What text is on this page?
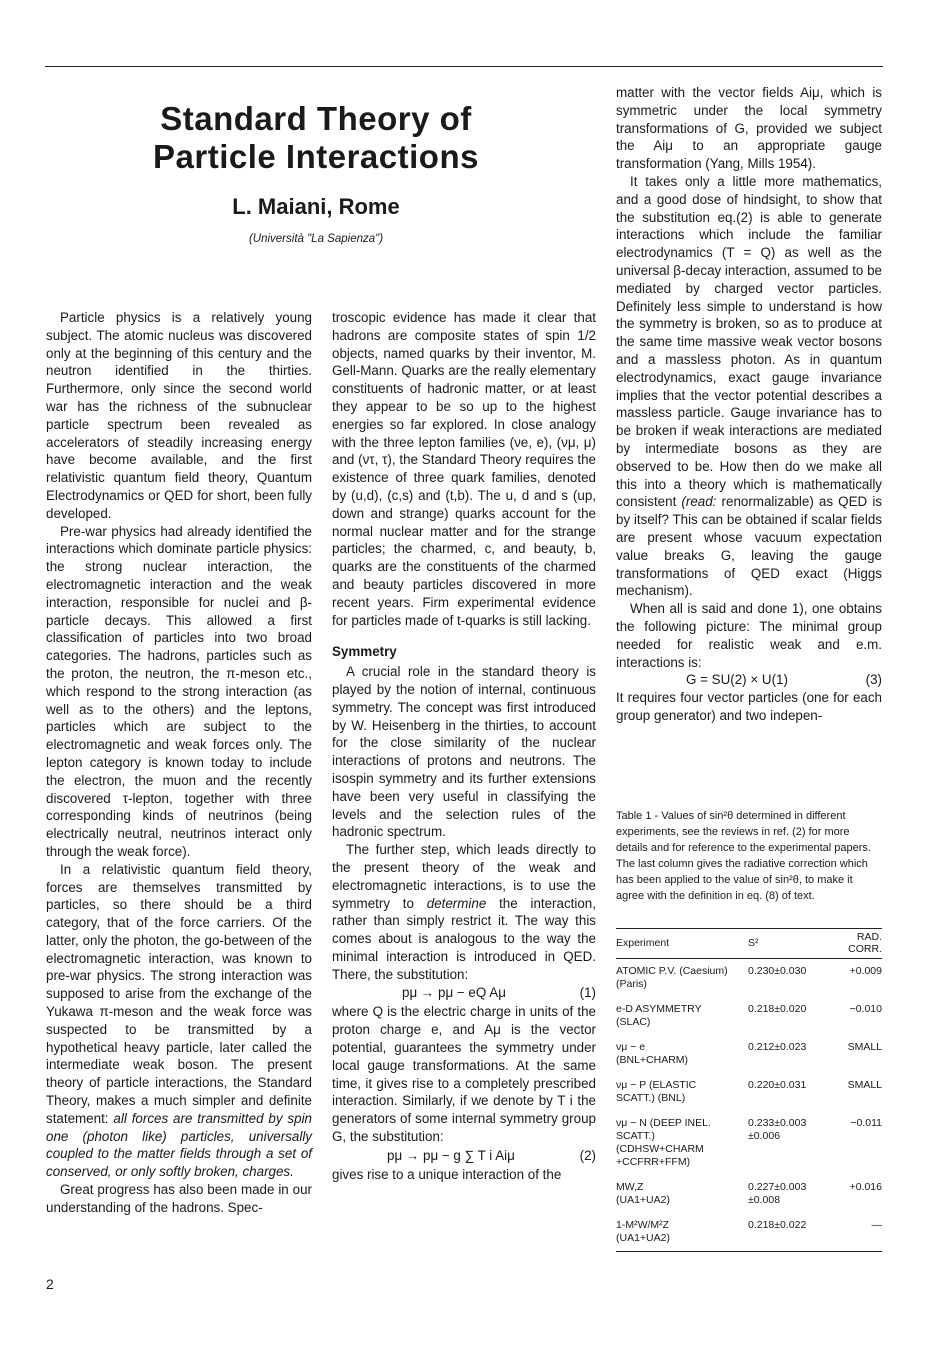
Standard Theory of
Particle Interactions
L. Maiani, Rome
(Università "La Sapienza")

Particle physics is a relatively young subject. The atomic nucleus was discovered only at the beginning of this century and the neutron identified in the thirties. Furthermore, only since the second world war has the richness of the subnuclear particle spectrum been revealed as accelerators of steadily increasing energy have become available, and the first relativistic quantum field theory, Quantum Electrodynamics or QED for short, been fully developed.

Pre-war physics had already identified the interactions which dominate particle physics: the strong nuclear interaction, the electromagnetic interaction and the weak interaction, responsible for nuclei and β-particle decays. This allowed a first classification of particles into two broad categories. The hadrons, particles such as the proton, the neutron, the π-meson etc., which respond to the strong interaction (as well as to the others) and the leptons, particles which are subject to the electromagnetic and weak forces only. The lepton category is known today to include the electron, the muon and the recently discovered τ-lepton, together with three corresponding kinds of neutrinos (being electrically neutral, neutrinos interact only through the weak force).

In a relativistic quantum field theory, forces are themselves transmitted by particles, so there should be a third category, that of the force carriers. Of the latter, only the photon, the go-between of the electromagnetic interaction, was known to pre-war physics. The strong interaction was supposed to arise from the exchange of the Yukawa π-meson and the weak force was suspected to be transmitted by a hypothetical heavy particle, later called the intermediate weak boson. The present theory of particle interactions, the Standard Theory, makes a much simpler and definite statement: all forces are transmitted by spin one (photon like) particles, universally coupled to the matter fields through a set of conserved, or only softly broken, charges.

Great progress has also been made in our understanding of the hadrons. Spec-

troscopic evidence has made it clear that hadrons are composite states of spin 1/2 objects, named quarks by their inventor, M. Gell-Mann. Quarks are the really elementary constituents of hadronic matter, or at least they appear to be so up to the highest energies so far explored. In close analogy with the three lepton families (νe, e), (νμ, μ) and (ντ, τ), the Standard Theory requires the existence of three quark families, denoted by (u,d), (c,s) and (t,b). The u, d and s (up, down and strange) quarks account for the normal nuclear matter and for the strange particles; the charmed, c, and beauty, b, quarks are the constituents of the charmed and beauty particles discovered in more recent years. Firm experimental evidence for particles made of t-quarks is still lacking.

Symmetry

A crucial role in the standard theory is played by the notion of internal, continuous symmetry. The concept was first introduced by W. Heisenberg in the thirties, to account for the close similarity of the nuclear interactions of protons and neutrons. The isospin symmetry and its further extensions have been very useful in classifying the levels and the selection rules of the hadronic spectrum.

The further step, which leads directly to the present theory of the weak and electromagnetic interactions, is to use the symmetry to determine the interaction, rather than simply restrict it. The way this comes about is analogous to the way the minimal interaction is introduced in QED. There, the substitution:

pμ → pμ − eQ Aμ	(1)

where Q is the electric charge in units of the proton charge e, and Aμ is the vector potential, guarantees the symmetry under local gauge transformations. At the same time, it gives rise to a completely prescribed interaction. Similarly, if we denote by T i the generators of some internal symmetry group G, the substitution:

pμ → pμ − g ∑ T i Aiμ	(2)

gives rise to a unique interaction of the

matter with the vector fields Aiμ, which is symmetric under the local symmetry transformations of G, provided we subject the Aiμ to an appropriate gauge transformation (Yang, Mills 1954).

It takes only a little more mathematics, and a good dose of hindsight, to show that the substitution eq.(2) is able to generate interactions which include the familiar electrodynamics (T = Q) as well as the universal β-decay interaction, assumed to be mediated by charged vector particles. Definitely less simple to understand is how the symmetry is broken, so as to produce at the same time massive weak vector bosons and a massless photon. As in quantum electrodynamics, exact gauge invariance implies that the vector potential describes a massless particle. Gauge invariance has to be broken if weak interactions are mediated by intermediate bosons as they are observed to be. How then do we make all this into a theory which is mathematically consistent (read: renormalizable) as QED is by itself? This can be obtained if scalar fields are present whose vacuum expectation value breaks G, leaving the gauge transformations of QED exact (Higgs mechanism).

When all is said and done 1), one obtains the following picture: The minimal group needed for realistic weak and e.m. interactions is:

G = SU(2) × U(1)	(3)

It requires four vector particles (one for each group generator) and two indepen-

Table 1 - Values of sin²θ determined in different experiments, see the reviews in ref. (2) for more details and for reference to the experimental papers. The last column gives the radiative correction which has been applied to the value of sin²θ, to make it agree with the definition in eq. (8) of text.

Experiment	S²	RAD. CORR.
ATOMIC P.V. (Caesium)
(Paris)	0.230±0.030	+0.009
e-D ASYMMETRY
(SLAC)	0.218±0.020	−0.010
νμ − e
(BNL+CHARM)	0.212±0.023	SMALL
νμ − P (ELASTIC
SCATT.) (BNL)	0.220±0.031	SMALL
νμ − N (DEEP INEL. SCATT.)
(CDHSW+CHARM +CCFRR+FFM)	0.233±0.003
±0.006	−0.011
MW,Z
(UA1+UA2)	0.227±0.003
±0.008	+0.016
1-M²W/M²Z
(UA1+UA2)	0.218±0.022	—
2
